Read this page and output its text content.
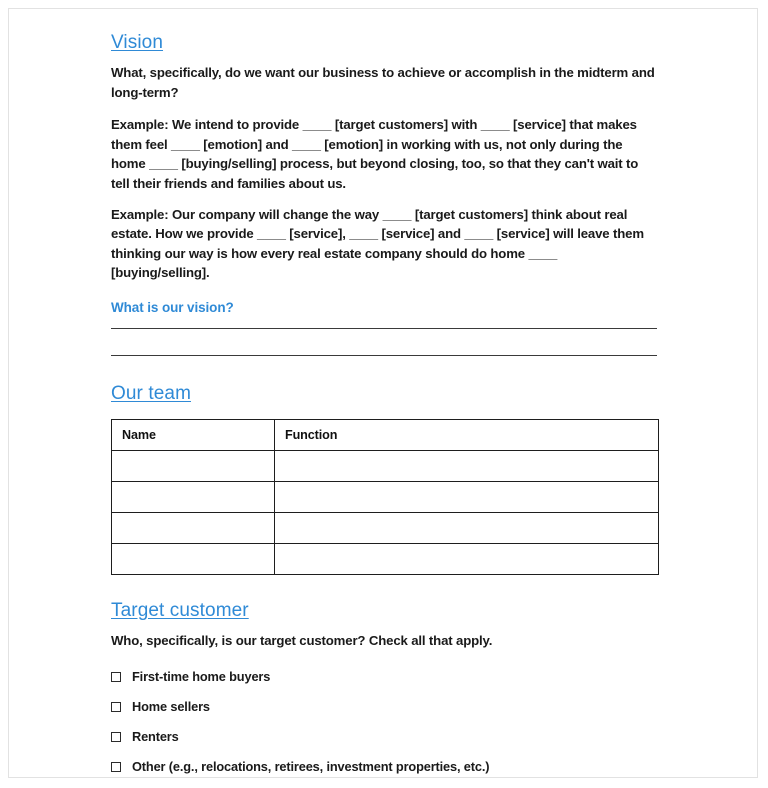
Vision

What, specifically, do we want our business to achieve or accomplish in the midterm and long-term?

Example: We intend to provide ____ [target customers] with ____ [service] that makes them feel ____ [emotion] and ____ [emotion] in working with us, not only during the home ____ [buying/selling] process, but beyond closing, too, so that they can't wait to tell their friends and families about us.

Example: Our company will change the way ____ [target customers] think about real estate. How we provide ____ [service], ____ [service] and ____ [service] will leave them thinking our way is how every real estate company should do home ____ [buying/selling].

What is our vision?

Our team
Name	Function

Target customer

Who, specifically, is our target customer? Check all that apply.

First-time home buyers
Home sellers
Renters
Other (e.g., relocations, retirees, investment properties, etc.)
